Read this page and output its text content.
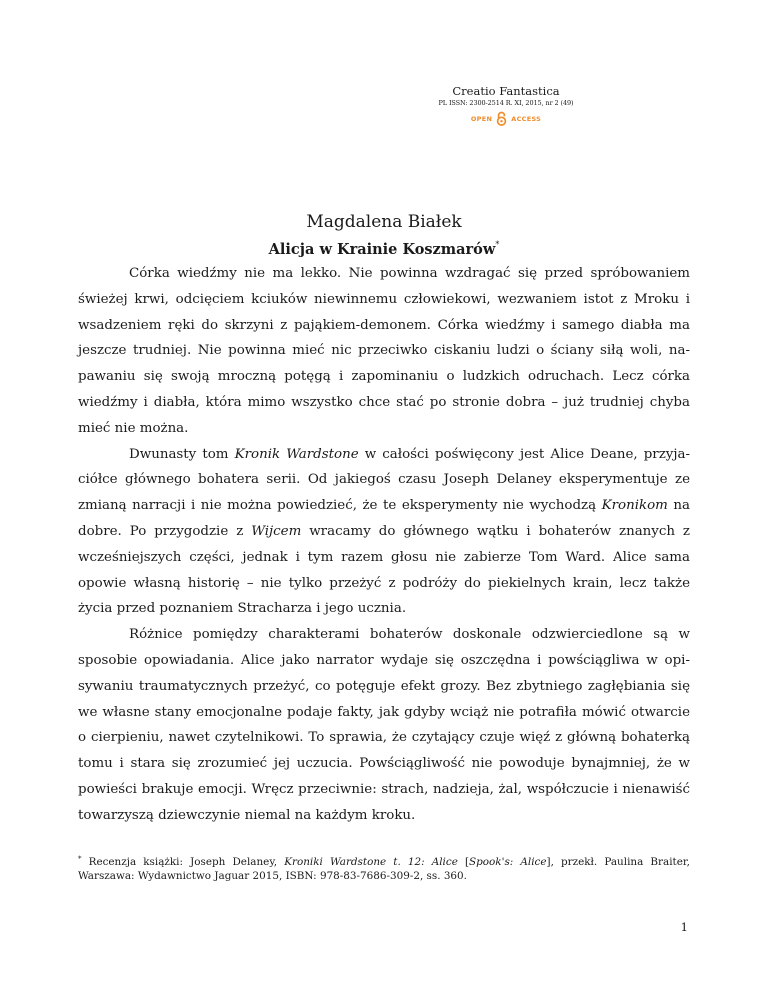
Creatio Fantastica
PL ISSN: 2300-2514 R. XI, 2015, nr 2 (49)
OPEN	ACCESS
Magdalena Białek
Alicja w Krainie Koszmarów*

Córka wiedźmy nie ma lekko. Nie powinna wzdragać się przed spróbowaniem świeżej krwi, odcięciem kciuków niewinnemu człowiekowi, wezwaniem istot z Mroku i wsadzeniem ręki do skrzyni z pająkiem-demonem. Córka wiedźmy i samego diabła ma jeszcze trudniej. Nie powinna mieć nic przeciwko ciskaniu ludzi o ściany siłą woli, napawaniu się swoją mroczną potęgą i zapominaniu o ludzkich odruchach. Lecz córka wiedźmy i diabła, która mimo wszystko chce stać po stronie dobra – już trudniej chyba mieć nie można.

Dwunasty tom Kronik Wardstone w całości poświęcony jest Alice Deane, przyjaciółce głównego bohatera serii. Od jakiegoś czasu Joseph Delaney eksperymentuje ze zmianą narracji i nie można powiedzieć, że te eksperymenty nie wychodzą Kronikom na dobre. Po przygodzie z Wijcem wracamy do głównego wątku i bohaterów znanych z wcześniejszych części, jednak i tym razem głosu nie zabierze Tom Ward. Alice sama opowie własną historię – nie tylko przeżyć z podróży do piekielnych krain, lecz także życia przed poznaniem Stracharza i jego ucznia.

Różnice pomiędzy charakterami bohaterów doskonale odzwierciedlone są w sposobie opowiadania. Alice jako narrator wydaje się oszczędna i powściągliwa w opisywaniu traumatycznych przeżyć, co potęguje efekt grozy. Bez zbytniego zagłębiania się we własne stany emocjonalne podaje fakty, jak gdyby wciąż nie potrafiła mówić otwarcie o cierpieniu, nawet czytelnikowi. To sprawia, że czytający czuje więź z główną bohaterką tomu i stara się zrozumieć jej uczucia. Powściągliwość nie powoduje bynajmniej, że w powieści brakuje emocji. Wręcz przeciwnie: strach, nadzieja, żal, współczucie i nienawiść towarzyszą dziewczynie niemal na każdym kroku.

* Recenzja książki: Joseph Delaney, Kroniki Wardstone t. 12: Alice [Spook's: Alice], przekł. Paulina Braiter, Warszawa: Wydawnictwo Jaguar 2015, ISBN: 978-83-7686-309-2, ss. 360.
1
